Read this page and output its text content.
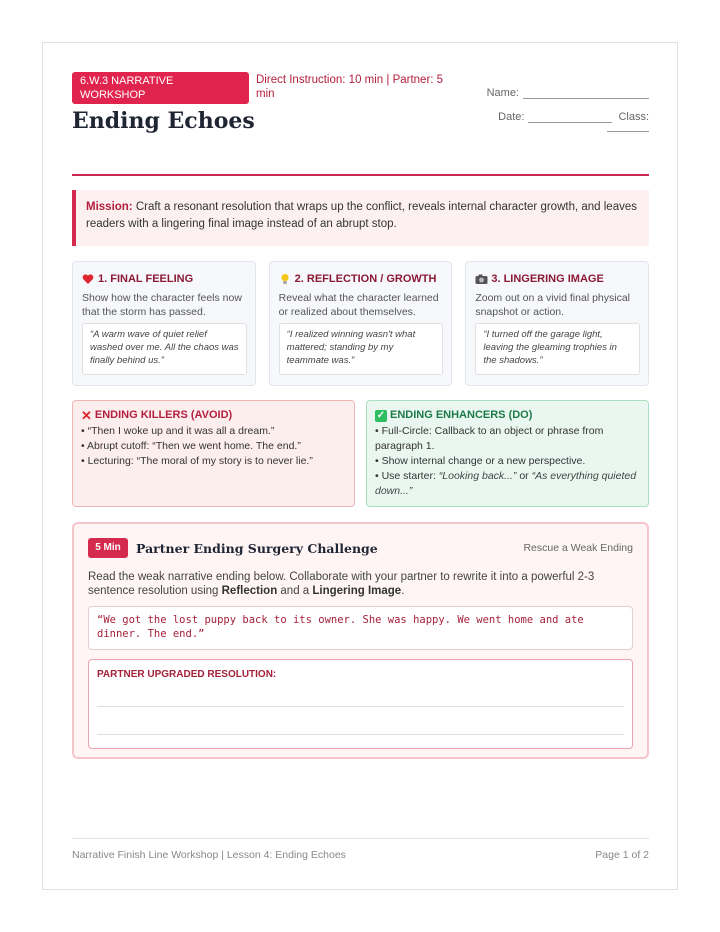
6.W.3 NARRATIVE WORKSHOP
Direct Instruction: 10 min | Partner: 5 min
Ending Echoes
Name:
Date:	Class:
Mission: Craft a resonant resolution that wraps up the conflict, reveals internal character growth, and leaves readers with a lingering final image instead of an abrupt stop.
1. FINAL FEELING
Show how the character feels now that the storm has passed.
“A warm wave of quiet relief washed over me. All the chaos was finally behind us.”
2. REFLECTION / GROWTH
Reveal what the character learned or realized about themselves.
“I realized winning wasn't what mattered; standing by my teammate was.”
3. LINGERING IMAGE
Zoom out on a vivid final physical snapshot or action.
“I turned off the garage light, leaving the gleaming trophies in the shadows.”
✕ ENDING KILLERS (AVOID)
• “Then I woke up and it was all a dream.”
• Abrupt cutoff: “Then we went home. The end.”
• Lecturing: “The moral of my story is to never lie.”
✓ ENDING ENHANCERS (DO)
• Full-Circle: Callback to an object or phrase from paragraph 1.
• Show internal change or a new perspective.
• Use starter: “Looking back...” or “As everything quieted down...”
5 Min	Partner Ending Surgery Challenge	Rescue a Weak Ending
Read the weak narrative ending below. Collaborate with your partner to rewrite it into a powerful 2-3 sentence resolution using Reflection and a Lingering Image.
“We got the lost puppy back to its owner. She was happy. We went home and ate dinner. The end.”
PARTNER UPGRADED RESOLUTION:
Narrative Finish Line Workshop | Lesson 4: Ending Echoes	Page 1 of 2
